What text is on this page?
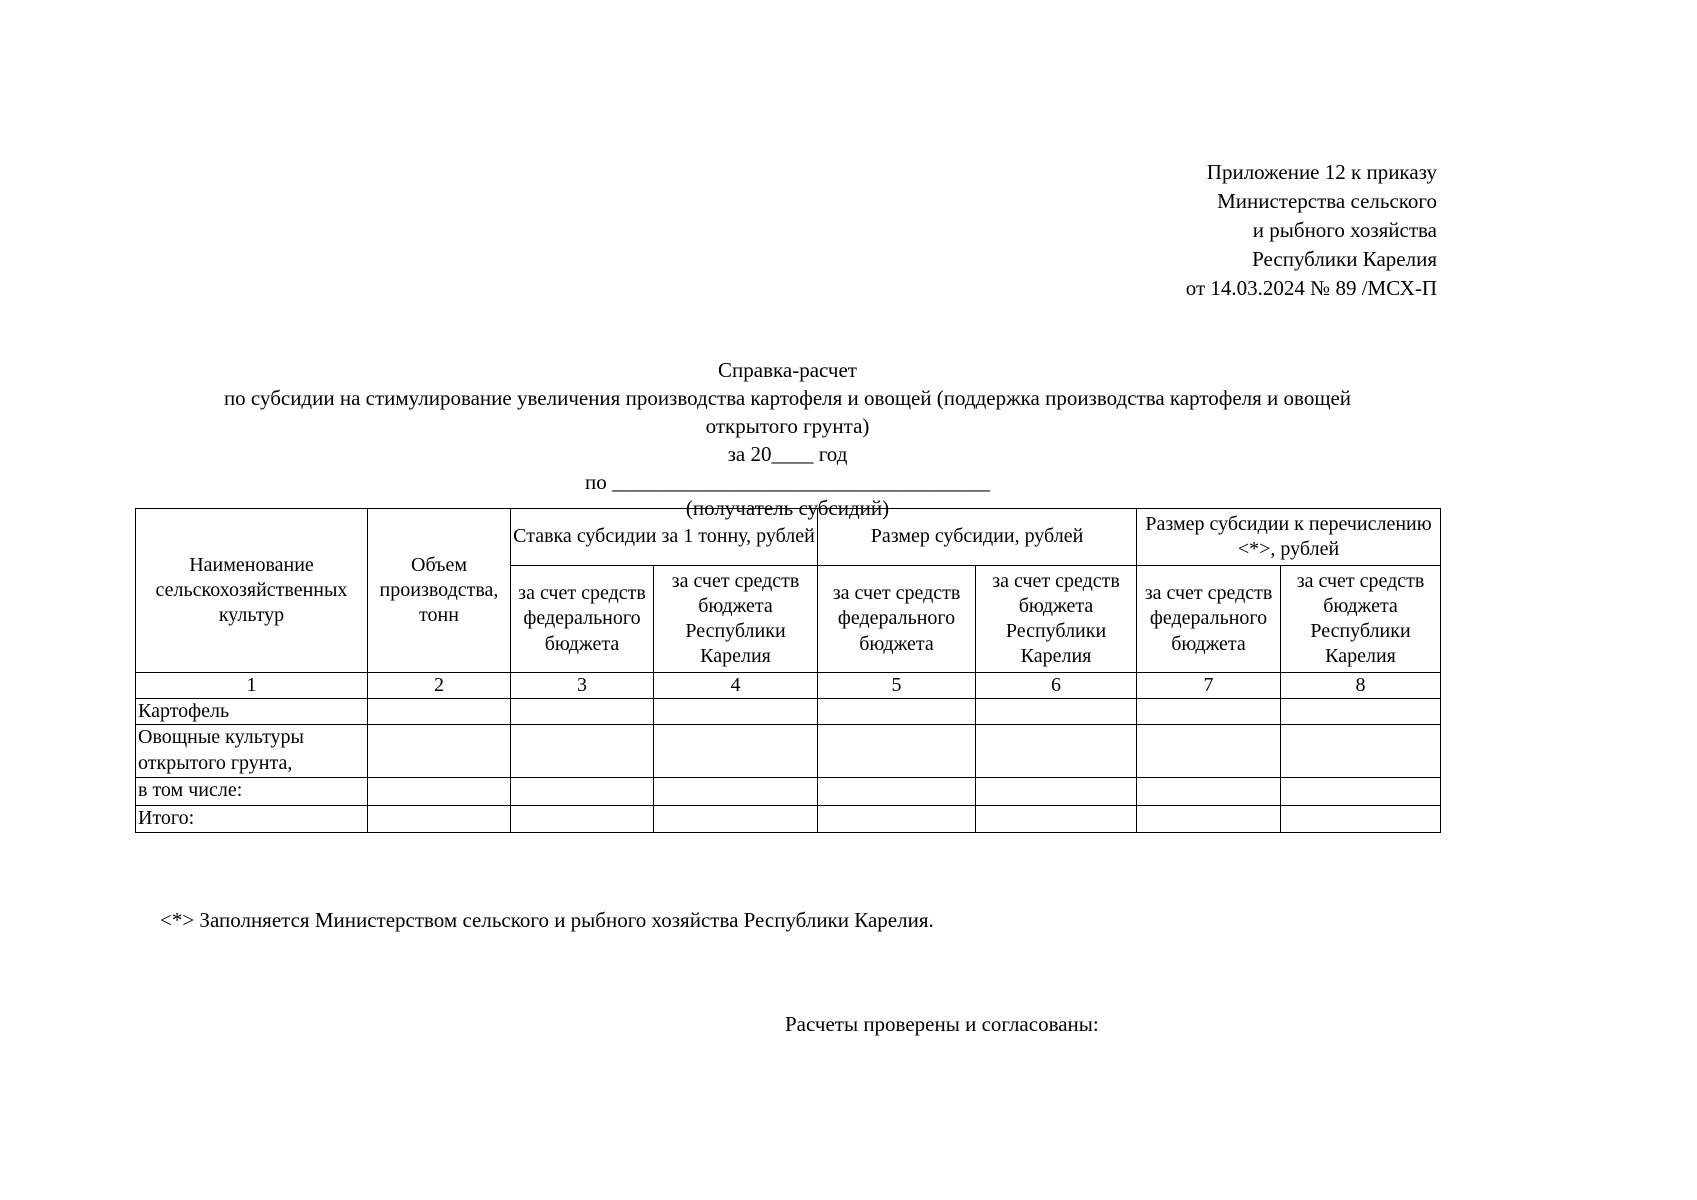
Приложение 12 к приказу
Министерства сельского
и рыбного хозяйства
Республики Карелия
от 14.03.2024 № 89 /МСХ-П
Справка-расчет
по субсидии на стимулирование увеличения производства картофеля и овощей (поддержка производства картофеля и овощей
открытого грунта)
за 20____ год
по ____________________________________
(получатель субсидий)
Наименование сельскохозяйственных культур	Объем производства, тонн	Ставка субсидии за 1 тонну, рублей		Размер субсидии, рублей		Размер субсидии к перечислению <*>, рублей	
		за счет средств федерального бюджета	за счет средств бюджета Республики Карелия	за счет средств федерального бюджета	за счет средств бюджета Республики Карелия	за счет средств федерального бюджета	за счет средств бюджета Республики Карелия
1	2	3	4	5	6	7	8
Картофель							
Овощные культуры открытого грунта,							
в том числе:							
Итого:							
<*> Заполняется Министерством сельского и рыбного хозяйства Республики Карелия.
Расчеты проверены и согласованы:
